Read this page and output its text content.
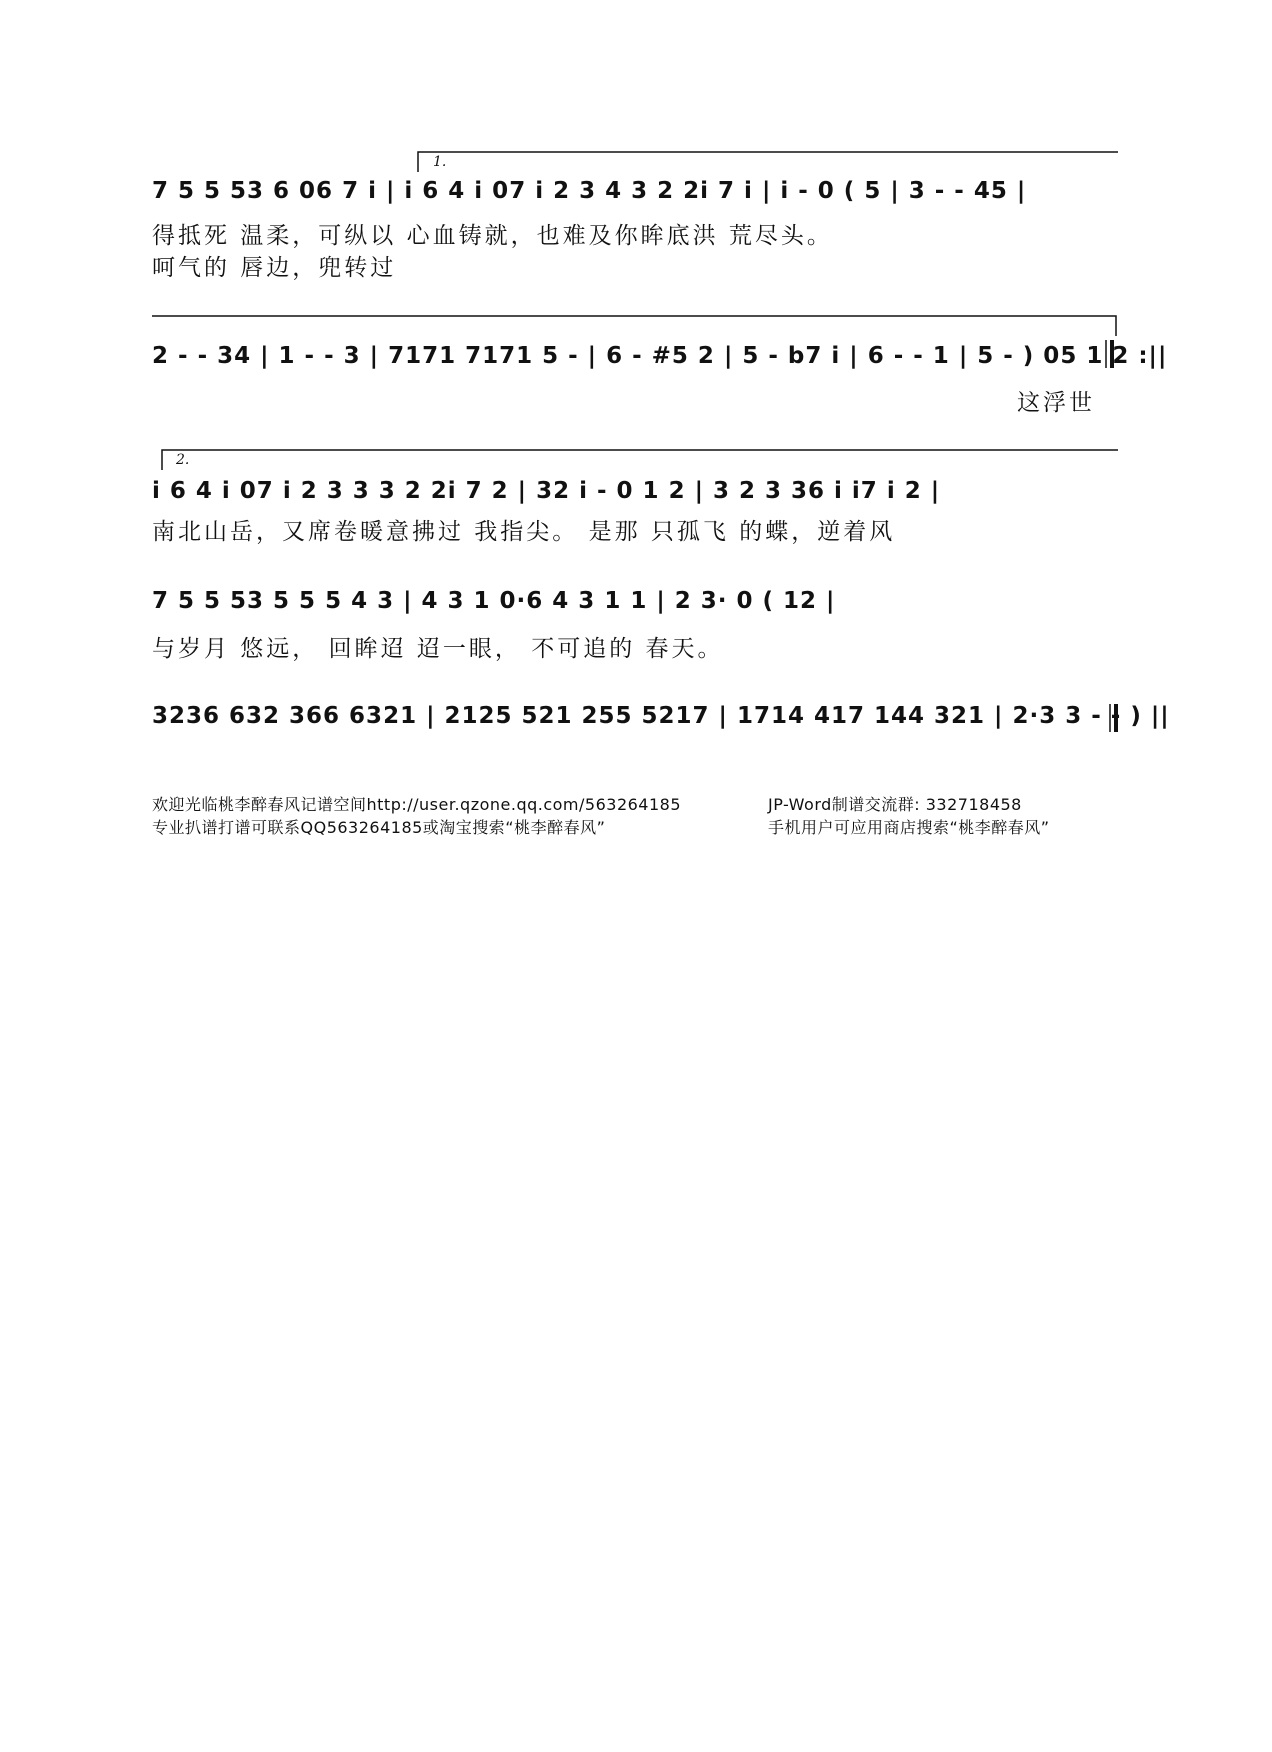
1.
7 5 5 53 6 06 7 i | i 6 4 i 07 i 2 3 4 3 2 2i 7 i | i - 0 ( 5 | 3 - - 45 |
得抵死 温柔，可纵以 心血铸就，也难及你眸底洪 荒尽头。
呵气的 唇边，兜转过
2 - - 34 | 1 - - 3 | 7171 7171 5 - | 6 - #5 2 | 5 - b7 i | 6 - - 1 | 5 - ) 05 1 2 :||
这浮世
2.
i 6 4 i 07 i 2 3 3 3 2 2i 7 2 | 32 i - 0 1 2 | 3 2 3 36 i i7 i 2 |
南北山岳，又席卷暖意拂过 我指尖。 是那 只孤飞 的蝶，逆着风
7 5 5 53 5 5 5 4 3 | 4 3 1 0·6 4 3 1 1 | 2 3· 0 ( 12 |
与岁月 悠远， 回眸迢 迢一眼， 不可追的 春天。
3236 632 366 6321 | 2125 521 255 5217 | 1714 417 144 321 | 2·3 3 - - ) ||
欢迎光临桃李醉春风记谱空间http://user.qzone.qq.com/563264185	JP-Word制谱交流群: 332718458
专业扒谱打谱可联系QQ563264185或淘宝搜索“桃李醉春风”	手机用户可应用商店搜索“桃李醉春风”
